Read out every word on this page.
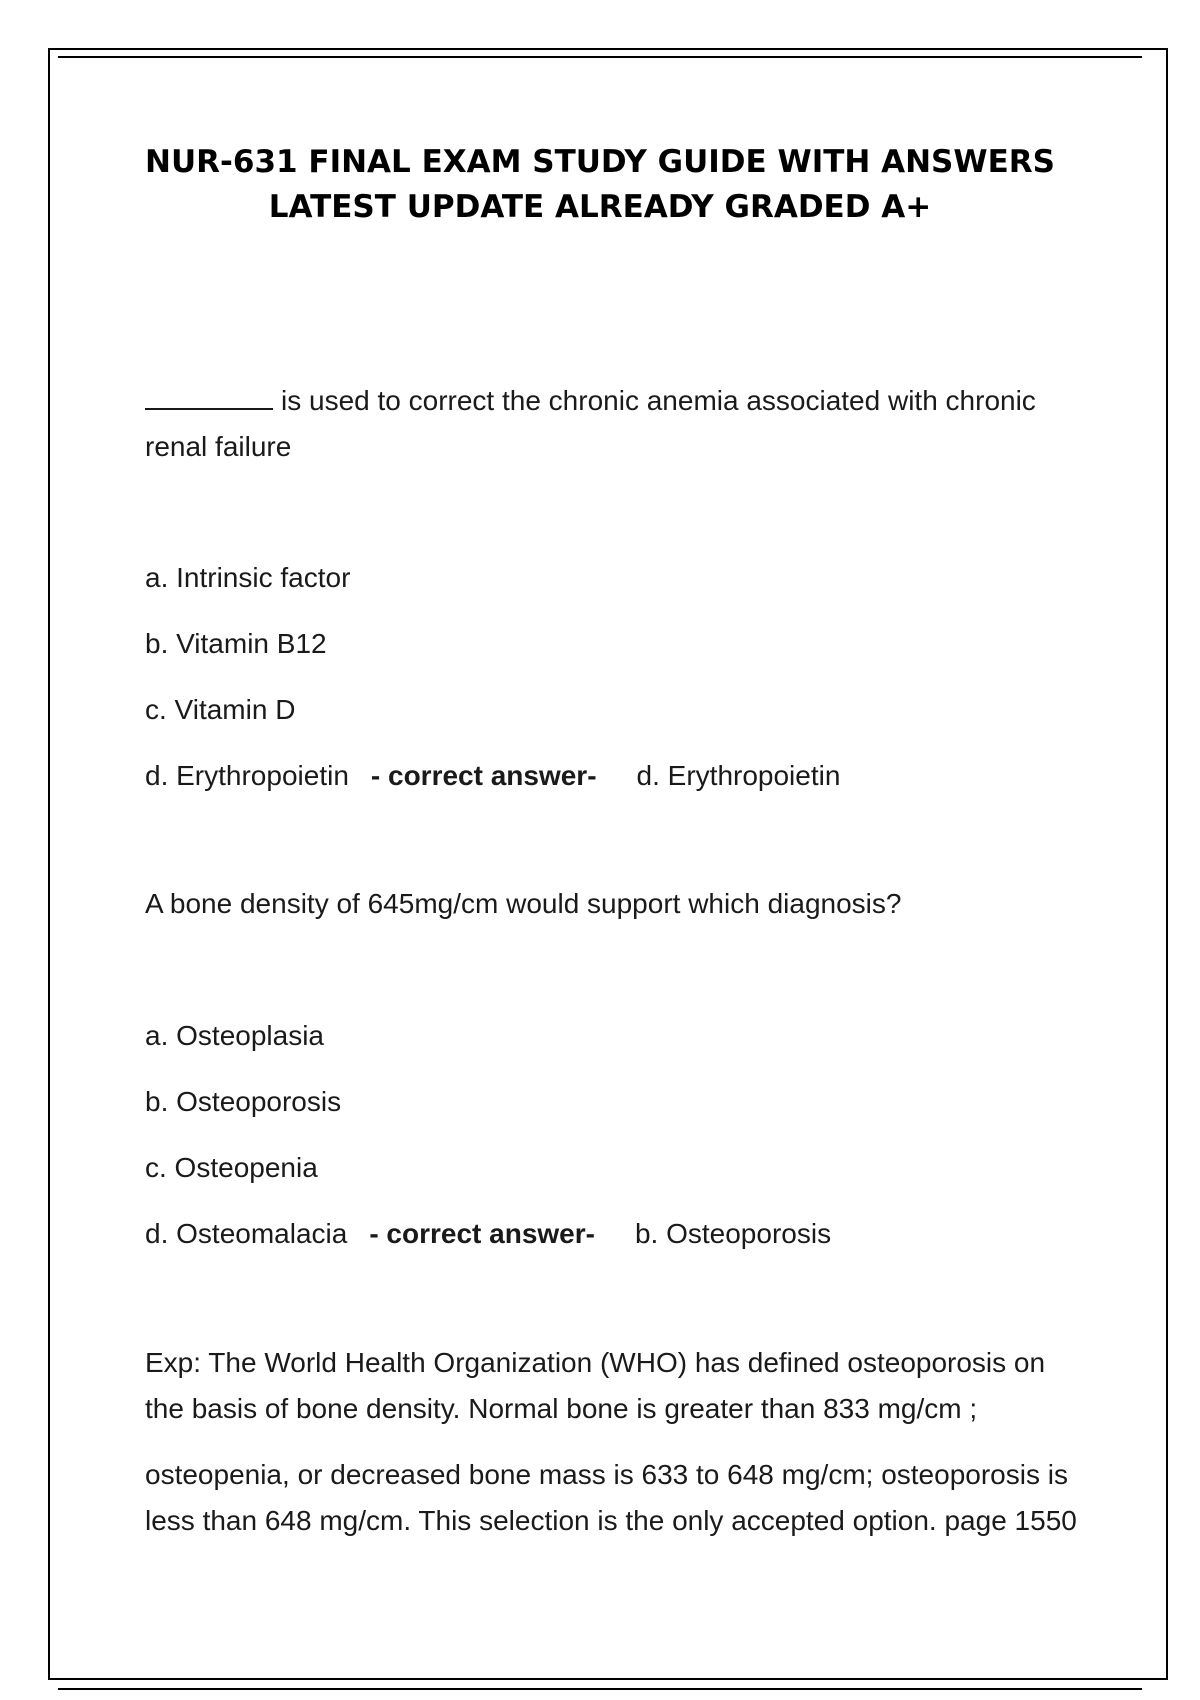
NUR-631 FINAL EXAM STUDY GUIDE WITH ANSWERS
LATEST UPDATE ALREADY GRADED A+

is used to correct the chronic anemia associated with chronic renal failure

a. Intrinsic factor

b. Vitamin B12

c. Vitamin D

d. Erythropoietin - correct answer- d. Erythropoietin

A bone density of 645mg/cm would support which diagnosis?

a. Osteoplasia

b. Osteoporosis

c. Osteopenia

d. Osteomalacia - correct answer- b. Osteoporosis

Exp: The World Health Organization (WHO) has defined osteoporosis on the basis of bone density. Normal bone is greater than 833 mg/cm ;

osteopenia, or decreased bone mass is 633 to 648 mg/cm; osteoporosis is less than 648 mg/cm. This selection is the only accepted option. page 1550
